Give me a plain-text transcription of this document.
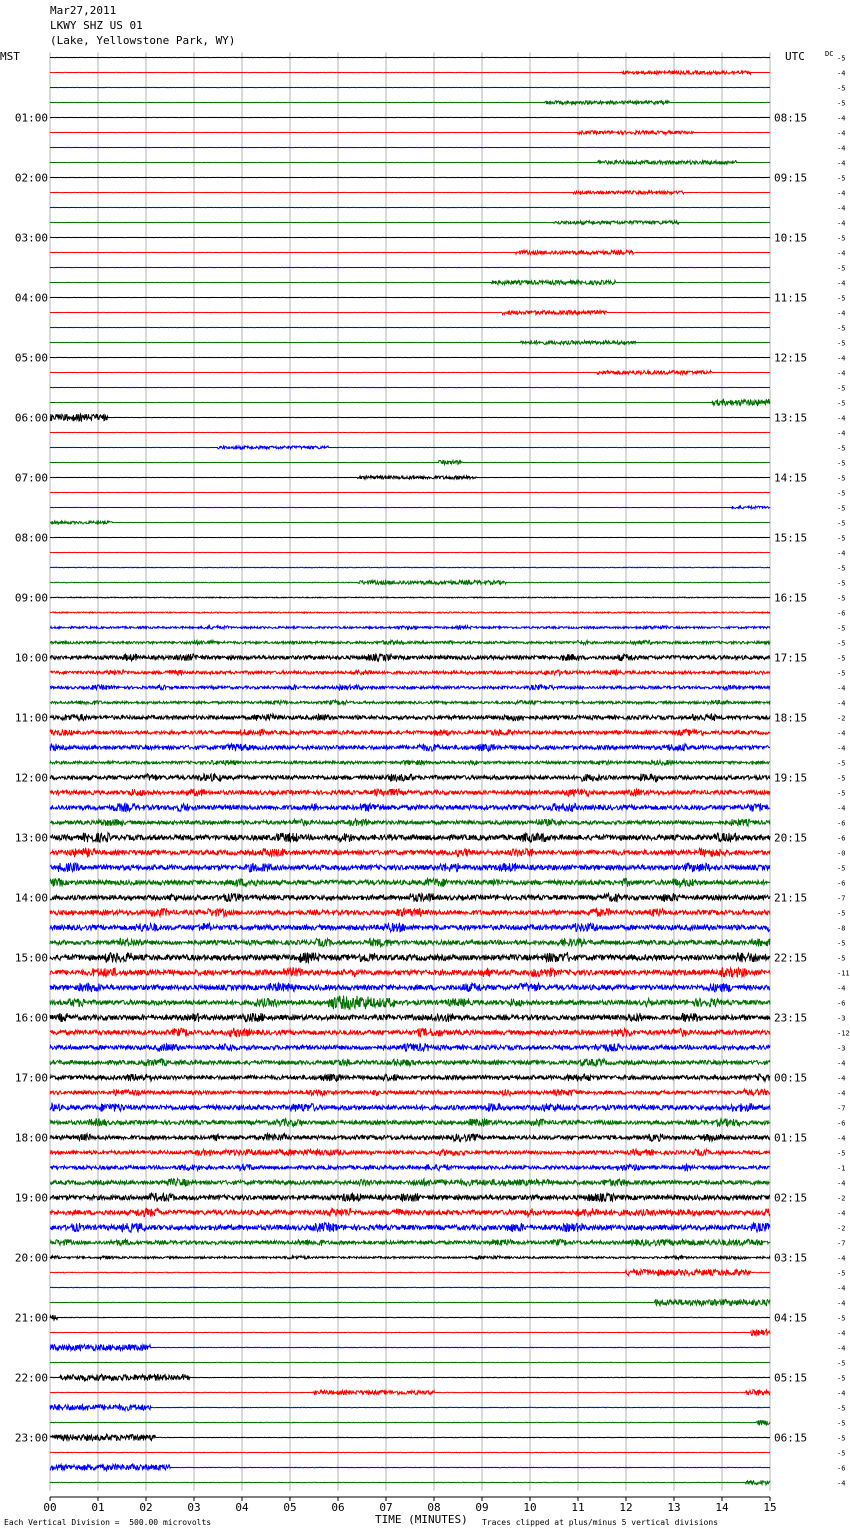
Mar27,2011
LKWY SHZ US 01
(Lake, Yellowstone Park, WY)
MST	UTC	DC
00	01	02	03	04	05	06	07	08	09	10	11	12	13	14	15
-5
-4
-5
-5
-4
-4
-4
-4
-5
-4
-4
-4
-5
-4
-5
-4
-5
-4
-5
-5
-4
-4
-5
-5
-4
-4
-5
-5
-5
-5
-5
-5
-5
-4
-5
-5
-5
-6
-5
-5
-5
-5
-4
-4
-2
-4
-4
-5
-5
-5
-4
-6
-6
-0
-5
-6
-7
-5
-8
-5
-5
-11
-4
-6
-3
-12
-3
-4
-4
-4
-7
-6
-4
-5
-1
-4
-2
-4
-2
-7
-4
-5
-4
-4
-5
-4
-4
-5
-5
-4
-5
-5
-5
-5
-6
-4
01:00
02:00
03:00
04:00
05:00
06:00
07:00
08:00
09:00
10:00
11:00
12:00
13:00
14:00
15:00
16:00
17:00
18:00
19:00
20:00
21:00
22:00
23:00
08:15
09:15
10:15
11:15
12:15
13:15
14:15
15:15
16:15
17:15
18:15
19:15
20:15
21:15
22:15
23:15
00:15
01:15
02:15
03:15
04:15
05:15
06:15
Each Vertical Division =  500.00 microvolts	TIME (MINUTES) Traces clipped at plus/minus 5 vertical divisions
